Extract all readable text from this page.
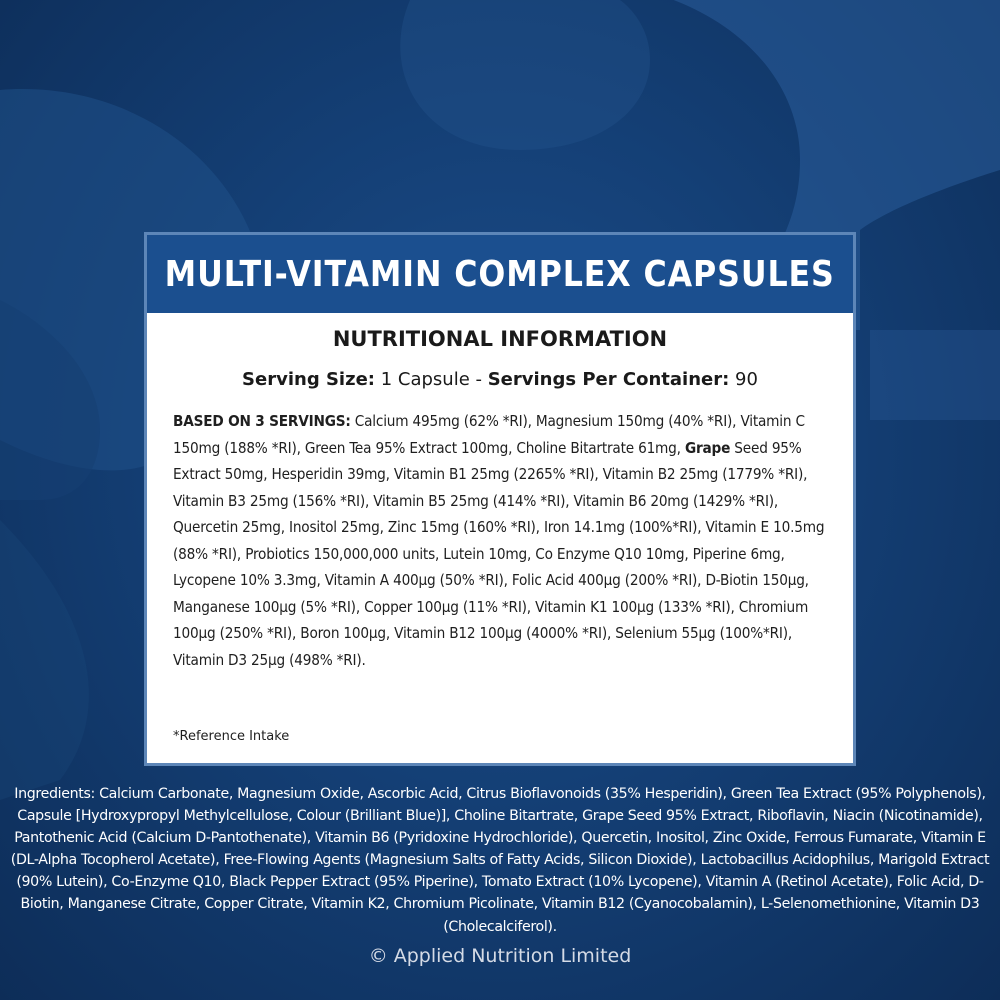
MULTI-VITAMIN COMPLEX CAPSULES
NUTRITIONAL INFORMATION
Serving Size: 1 Capsule - Servings Per Container: 90
BASED ON 3 SERVINGS: Calcium 495mg (62% *RI), Magnesium 150mg (40% *RI), Vitamin C 150mg (188% *RI), Green Tea 95% Extract 100mg, Choline Bitartrate 61mg, Grape Seed 95% Extract 50mg, Hesperidin 39mg, Vitamin B1 25mg (2265% *RI), Vitamin B2 25mg (1779% *RI), Vitamin B3 25mg (156% *RI), Vitamin B5 25mg (414% *RI), Vitamin B6 20mg (1429% *RI), Quercetin 25mg, Inositol 25mg, Zinc 15mg (160% *RI), Iron 14.1mg (100%*RI), Vitamin E 10.5mg (88% *RI), Probiotics 150,000,000 units, Lutein 10mg, Co Enzyme Q10 10mg, Piperine 6mg, Lycopene 10% 3.3mg, Vitamin A 400µg (50% *RI), Folic Acid 400µg (200% *RI), D-Biotin 150µg, Manganese 100µg (5% *RI), Copper 100µg (11% *RI), Vitamin K1 100µg (133% *RI), Chromium 100µg (250% *RI), Boron 100µg, Vitamin B12 100µg (4000% *RI), Selenium 55µg (100%*RI), Vitamin D3 25µg (498% *RI).
*Reference Intake
Ingredients: Calcium Carbonate, Magnesium Oxide, Ascorbic Acid, Citrus Bioflavonoids (35% Hesperidin), Green Tea Extract (95% Polyphenols), Capsule [Hydroxypropyl Methylcellulose, Colour (Brilliant Blue)], Choline Bitartrate, Grape Seed 95% Extract, Riboflavin, Niacin (Nicotinamide), Pantothenic Acid (Calcium D-Pantothenate), Vitamin B6 (Pyridoxine Hydrochloride), Quercetin, Inositol, Zinc Oxide, Ferrous Fumarate, Vitamin E (DL-Alpha Tocopherol Acetate), Free-Flowing Agents (Magnesium Salts of Fatty Acids, Silicon Dioxide), Lactobacillus Acidophilus, Marigold Extract (90% Lutein), Co-Enzyme Q10, Black Pepper Extract (95% Piperine), Tomato Extract (10% Lycopene), Vitamin A (Retinol Acetate), Folic Acid, D-Biotin, Manganese Citrate, Copper Citrate, Vitamin K2, Chromium Picolinate, Vitamin B12 (Cyanocobalamin), L-Selenomethionine, Vitamin D3 (Cholecalciferol).
© Applied Nutrition Limited
